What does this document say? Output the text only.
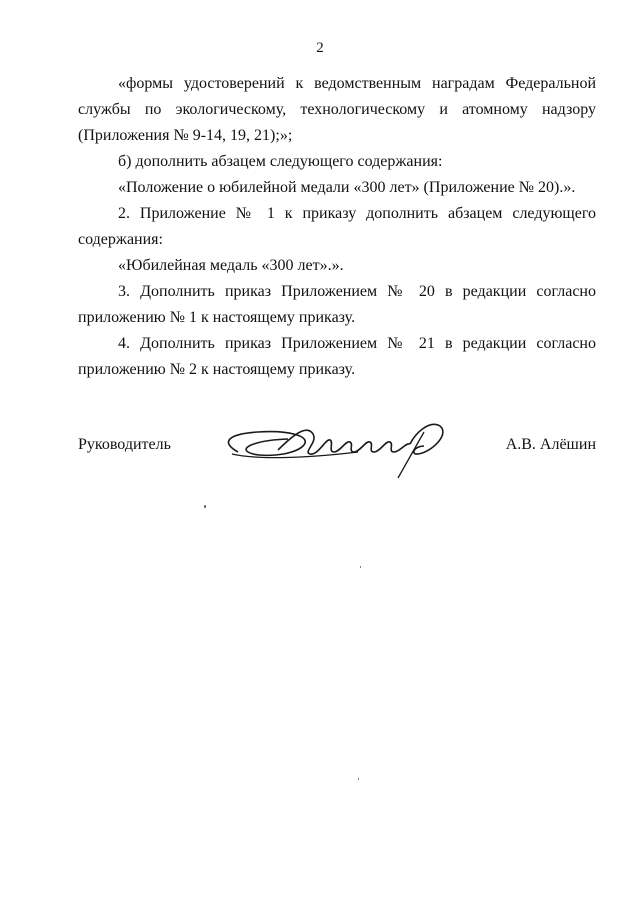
2

«формы удостоверений к ведомственным наградам Федеральной службы по экологическому, технологическому и атомному надзору (Приложения № 9-14, 19, 21);»;

б) дополнить абзацем следующего содержания:

«Положение о юбилейной медали «300 лет» (Приложение № 20).».

2. Приложение № 1 к приказу дополнить абзацем следующего содержания:

«Юбилейная медаль «300 лет».».

3. Дополнить приказ Приложением № 20 в редакции согласно приложению № 1 к настоящему приказу.

4. Дополнить приказ Приложением № 21 в редакции согласно приложению № 2 к настоящему приказу.

Руководитель	А.В. Алёшин
